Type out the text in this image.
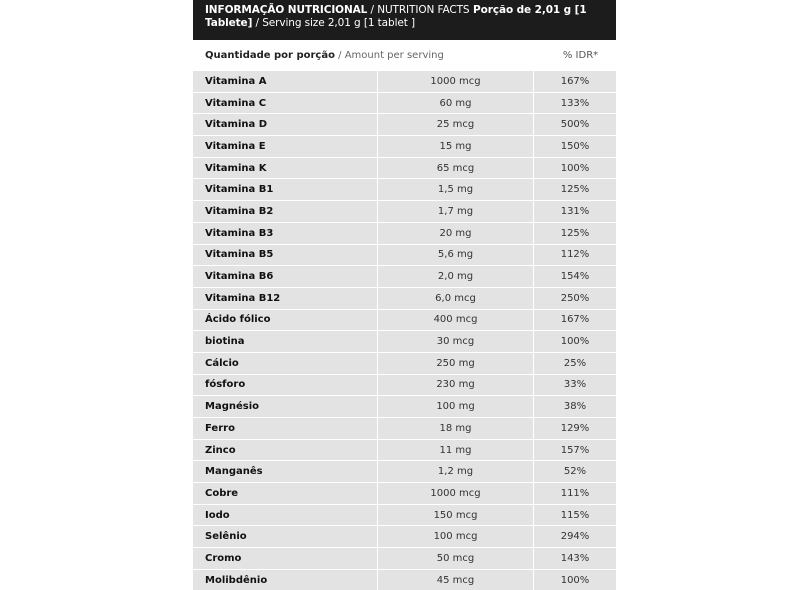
INFORMAÇÃO NUTRICIONAL / NUTRITION FACTS Porção de 2,01 g [1
Tablete] / Serving size 2,01 g [1 tablet ]
Quantidade por porção / Amount per serving	% IDR*
Vitamina A	1000 mcg	167%
Vitamina C	60 mg	133%
Vitamina D	25 mcg	500%
Vitamina E	15 mg	150%
Vitamina K	65 mcg	100%
Vitamina B1	1,5 mg	125%
Vitamina B2	1,7 mg	131%
Vitamina B3	20 mg	125%
Vitamina B5	5,6 mg	112%
Vitamina B6	2,0 mg	154%
Vitamina B12	6,0 mcg	250%
Ácido fólico	400 mcg	167%
biotina	30 mcg	100%
Cálcio	250 mg	25%
fósforo	230 mg	33%
Magnésio	100 mg	38%
Ferro	18 mg	129%
Zinco	11 mg	157%
Manganês	1,2 mg	52%
Cobre	1000 mcg	111%
Iodo	150 mcg	115%
Selênio	100 mcg	294%
Cromo	50 mcg	143%
Molibdênio	45 mcg	100%
